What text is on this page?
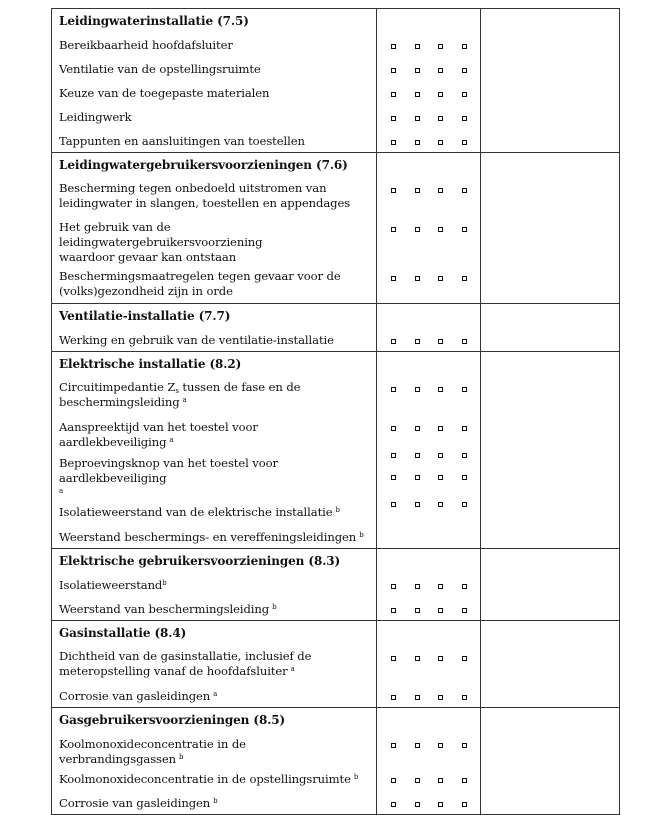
Leidingwaterinstallatie (7.5)		
Bereikbaarheid hoofdafsluiter	

Ventilatie van de opstellingsruimte	

Keuze van de toegepaste materialen	

Leidingwerk	

Tappunten en aansluitingen van toestellen	

Leidingwatergebruikersvoorzieningen (7.6)		
Bescherming tegen onbedoeld uitstromen van
leidingwater in slangen, toestellen en appendages	

Het gebruik van de leidingwatergebruikersvoorziening
waardoor gevaar kan ontstaan	

Beschermingsmaatregelen tegen gevaar voor de
(volks)gezondheid zijn in orde	

Ventilatie-installatie (7.7)		
Werking en gebruik van de ventilatie-installatie	

Elektrische installatie (8.2)		
Circuitimpedantie $Z_s$ tussen de fase en de
beschermingsleiding $^a$	

Aanspreektijd van het toestel voor aardlekbeveiliging $^a$	

Beproevingsknop van het toestel voor aardlekbeveiliging
$^a$	

Isolatieweerstand van de elektrische installatie $^b$	

Weerstand beschermings- en vereffeningsleidingen $^b$		
Elektrische gebruikersvoorzieningen (8.3)		
Isolatieweerstand$^b$	

Weerstand van beschermingsleiding $^b$	

Gasinstallatie (8.4)		
Dichtheid van de gasinstallatie, inclusief de
meteropstelling vanaf de hoofdafsluiter $^a$	

Corrosie van gasleidingen $^a$	

Gasgebruikersvoorzieningen (8.5)		
Koolmonoxideconcentratie in de verbrandingsgassen $^b$	

Koolmonoxideconcentratie in de opstellingsruimte $^b$	

Corrosie van gasleidingen $^b$	
